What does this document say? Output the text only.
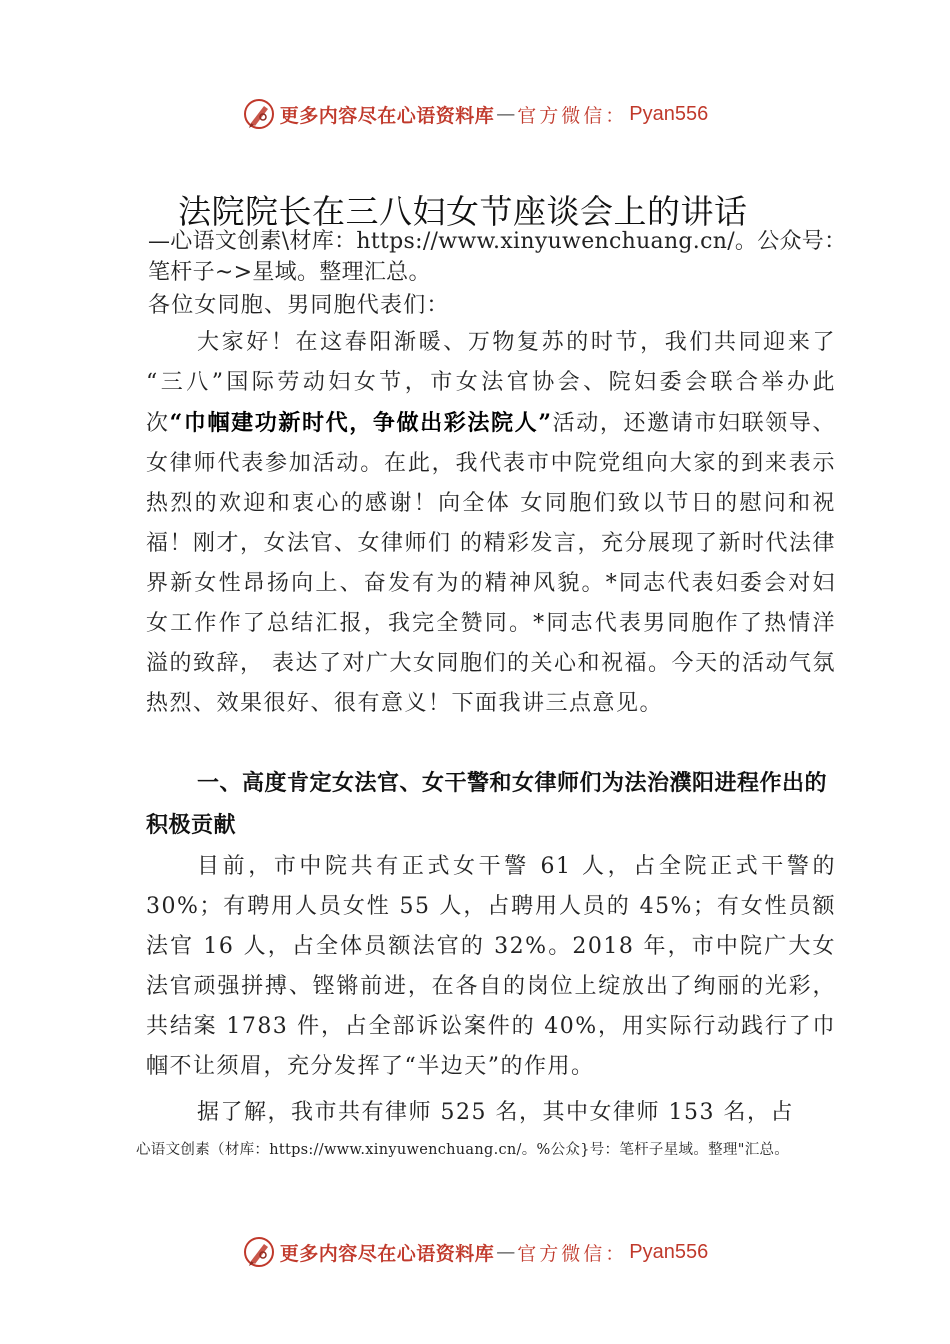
更多内容尽在心语资料库 — 官方微信： Pyan556
法院院长在三八妇女节座谈会上的讲话
—心语文创素\材库：https://www.xinyuwenchuang.cn/。公众号：笔杆子~>星域。整理汇总。
各位女同胞、男同胞代表们：
大家好！在这春阳渐暖、万物复苏的时节，我们共同迎来了 “三八”国际劳动妇女节，市女法官协会、院妇委会联合举办此次“巾帼建功新时代，争做出彩法院人”活动，还邀请市妇联领导、女律师代表参加活动。在此，我代表市中院党组向大家的到来表示热烈的欢迎和衷心的感谢！向全体 女同胞们致以节日的慰问和祝福！刚才，女法官、女律师们 的精彩发言，充分展现了新时代法律界新女性昂扬向上、奋发有为的精神风貌。*同志代表妇委会对妇女工作作了总结汇报，我完全赞同。*同志代表男同胞作了热情洋溢的致辞， 表达了对广大女同胞们的关心和祝福。今天的活动气氛热烈、效果很好、很有意义！下面我讲三点意见。
一、高度肯定女法官、女干警和女律师们为法治濮阳进程作出的积极贡献
目前，市中院共有正式女干警 61 人，占全院正式干警的 30%；有聘用人员女性 55 人，占聘用人员的 45%；有女性员额法官 16 人，占全体员额法官的 32%。2018 年，市中院广大女法官顽强拼搏、铿锵前进，在各自的岗位上绽放出了绚丽的光彩，共结案 1783 件，占全部诉讼案件的 40%，用实际行动践行了巾帼不让须眉，充分发挥了“半边天”的作用。
据了解，我市共有律师 525 名，其中女律师 153 名，占
心语文创素（材库：https://www.xinyuwenchuang.cn/。%公众}号：笔杆子星域。整理"汇总。
更多内容尽在心语资料库 — 官方微信： Pyan556
